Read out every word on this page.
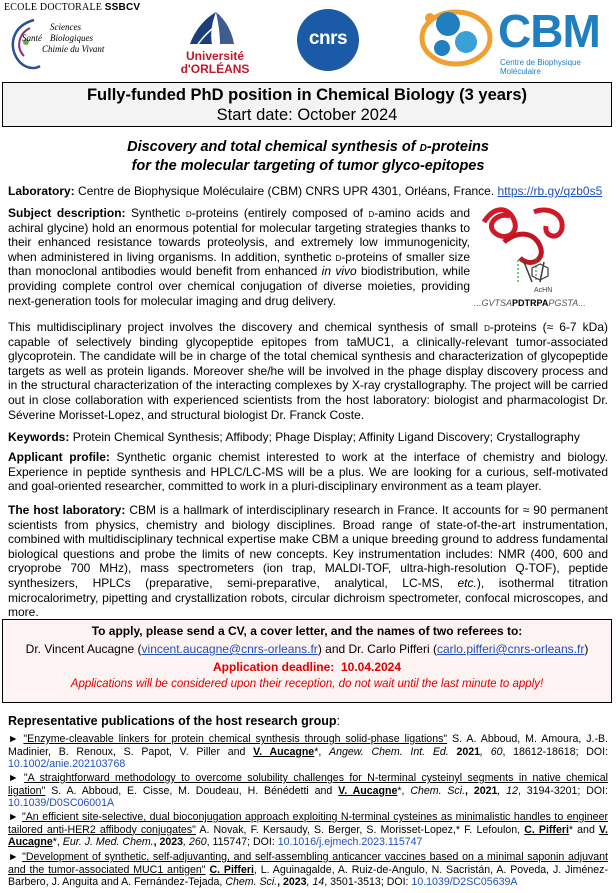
ECOLE DOCTORALE SSBCV
Sciences
Santé Biologiques
Chimie du Vivant	Université
d'ORLÉANS
cnrs	CBM
Centre de Biophysique Moléculaire
Fully-funded PhD position in Chemical Biology (3 years)
Start date: October 2024
Discovery and total chemical synthesis of d-proteins
for the molecular targeting of tumor glyco-epitopes
Laboratory: Centre de Biophysique Moléculaire (CBM) CNRS UPR 4301, Orléans, France. https://rb.gy/qzb0s5
AcHN
...GVTSAPDTRPAPGSTA...
Subject description: Synthetic d-proteins (entirely composed of d-amino acids and achiral glycine) hold an enormous potential for molecular targeting strategies thanks to their enhanced resistance towards proteolysis, and extremely low immunogenicity, when administered in living organisms. In addition, synthetic d-proteins of smaller size than monoclonal antibodies would benefit from enhanced in vivo biodistribution, while providing complete control over chemical conjugation of diverse moieties, providing next-generation tools for molecular imaging and drug delivery.
This multidisciplinary project involves the discovery and chemical synthesis of small d-proteins (≈ 6-7 kDa) capable of selectively binding glycopeptide epitopes from taMUC1, a clinically-relevant tumor-associated glycoprotein. The candidate will be in charge of the total chemical synthesis and characterization of glycopeptide targets as well as protein ligands. Moreover she/he will be involved in the phage display discovery process and in the structural characterization of the interacting complexes by X-ray crystallography. The project will be carried out in close collaboration with experienced scientists from the host laboratory: biologist and pharmacologist Dr. Séverine Morisset-Lopez, and structural biologist Dr. Franck Coste.
Keywords: Protein Chemical Synthesis; Affibody; Phage Display; Affinity Ligand Discovery; Crystallography
Applicant profile: Synthetic organic chemist interested to work at the interface of chemistry and biology. Experience in peptide synthesis and HPLC/LC-MS will be a plus. We are looking for a curious, self-motivated and goal-oriented researcher, committed to work in a pluri-disciplinary environment as a team player.
The host laboratory: CBM is a hallmark of interdisciplinary research in France. It accounts for ≈ 90 permanent scientists from physics, chemistry and biology disciplines. Broad range of state-of-the-art instrumentation, combined with multidisciplinary technical expertise make CBM a unique breeding ground to address fundamental biological questions and probe the limits of new concepts. Key instrumentation includes: NMR (400, 600 and cryoprobe 700 MHz), mass spectrometers (ion trap, MALDI-TOF, ultra-high-resolution Q-TOF), peptide synthesizers, HPLCs (preparative, semi-preparative, analytical, LC-MS, etc.), isothermal titration microcalorimetry, pipetting and crystallization robots, circular dichroism spectrometer, confocal microscopes, and more.
To apply, please send a CV, a cover letter, and the names of two referees to:
Dr. Vincent Aucagne (vincent.aucagne@cnrs-orleans.fr) and Dr. Carlo Pifferi (carlo.pifferi@cnrs-orleans.fr)
Application deadline: 10.04.2024
Applications will be considered upon their reception, do not wait until the last minute to apply!
Representative publications of the host research group:
► "Enzyme-cleavable linkers for protein chemical synthesis through solid-phase ligations" S. A. Abboud, M. Amoura, J.-B. Madinier, B. Renoux, S. Papot, V. Piller and V. Aucagne*, Angew. Chem. Int. Ed. 2021, 60, 18612-18618; DOI: 10.1002/anie.202103768
► "A straightforward methodology to overcome solubility challenges for N-terminal cysteinyl segments in native chemical ligation" S. A. Abboud, E. Cisse, M. Doudeau, H. Bénédetti and V. Aucagne*, Chem. Sci., 2021, 12, 3194-3201; DOI: 10.1039/D0SC06001A
► "An efficient site-selective, dual bioconjugation approach exploiting N-terminal cysteines as minimalistic handles to engineer tailored anti-HER2 affibody conjugates" A. Novak, F. Kersaudy, S. Berger, S. Morisset-Lopez,* F. Lefoulon, C. Pifferi* and V. Aucagne*, Eur. J. Med. Chem., 2023, 260, 115747; DOI: 10.1016/j.ejmech.2023.115747
► "Development of synthetic, self-adjuvanting, and self-assembling anticancer vaccines based on a minimal saponin adjuvant and the tumor-associated MUC1 antigen" C. Pifferi, L. Aguinagalde, A. Ruiz-de-Angulo, N. Sacristán, A. Poveda, J. Jiménez-Barbero, J. Anguita and A. Fernández-Tejada, Chem. Sci., 2023, 14, 3501-3513; DOI: 10.1039/D2SC05639A
